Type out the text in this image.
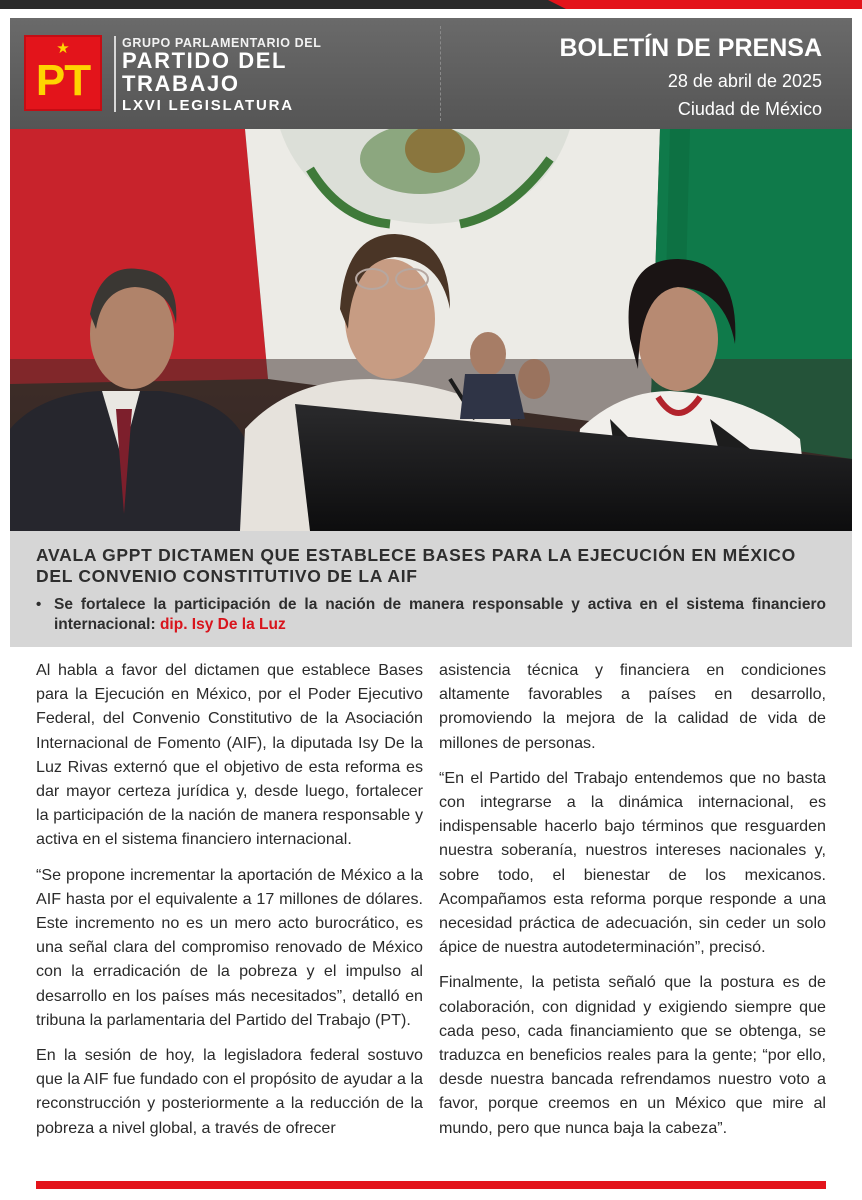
★
PT
GRUPO PARLAMENTARIO DEL
PARTIDO DEL
TRABAJO
LXVI LEGISLATURA
BOLETÍN DE PRENSA
28 de abril de 2025
Ciudad de México
AVALA GPPT DICTAMEN QUE ESTABLECE BASES PARA LA EJECUCIÓN EN MÉXICO DEL CONVENIO CONSTITUTIVO DE LA AIF
• Se fortalece la participación de la nación de manera responsable y activa en el sistema financiero internacional: dip. Isy De la Luz

Al habla a favor del dictamen que establece Bases para la Ejecución en México, por el Poder Ejecutivo Federal, del Convenio Constitutivo de la Asociación Internacional de Fomento (AIF), la diputada Isy De la Luz Rivas externó que el objetivo de esta reforma es dar mayor certeza jurídica y, desde luego, fortalecer la participación de la nación de manera responsable y activa en el sistema financiero internacional.

“Se propone incrementar la aportación de México a la AIF hasta por el equivalente a 17 millones de dólares. Este incremento no es un mero acto burocrático, es una señal clara del compromiso renovado de México con la erradicación de la pobreza y el impulso al desarrollo en los países más necesitados”, detalló en tribuna la parlamentaria del Partido del Trabajo (PT).

En la sesión de hoy, la legisladora federal sostuvo que la AIF fue fundado con el propósito de ayudar a la reconstrucción y posteriormente a la reducción de la pobreza a nivel global, a través de ofrecer

asistencia técnica y financiera en condiciones altamente favorables a países en desarrollo, promoviendo la mejora de la calidad de vida de millones de personas.

“En el Partido del Trabajo entendemos que no basta con integrarse a la dinámica internacional, es indispensable hacerlo bajo términos que resguarden nuestra soberanía, nuestros intereses nacionales y, sobre todo, el bienestar de los mexicanos. Acompañamos esta reforma porque responde a una necesidad práctica de adecuación, sin ceder un solo ápice de nuestra autodeterminación”, precisó.

Finalmente, la petista señaló que la postura es de colaboración, con dignidad y exigiendo siempre que cada peso, cada financiamiento que se obtenga, se traduzca en beneficios reales para la gente; “por ello, desde nuestra bancada refrendamos nuestro voto a favor, porque creemos en un México que mire al mundo, pero que nunca baja la cabeza”.
